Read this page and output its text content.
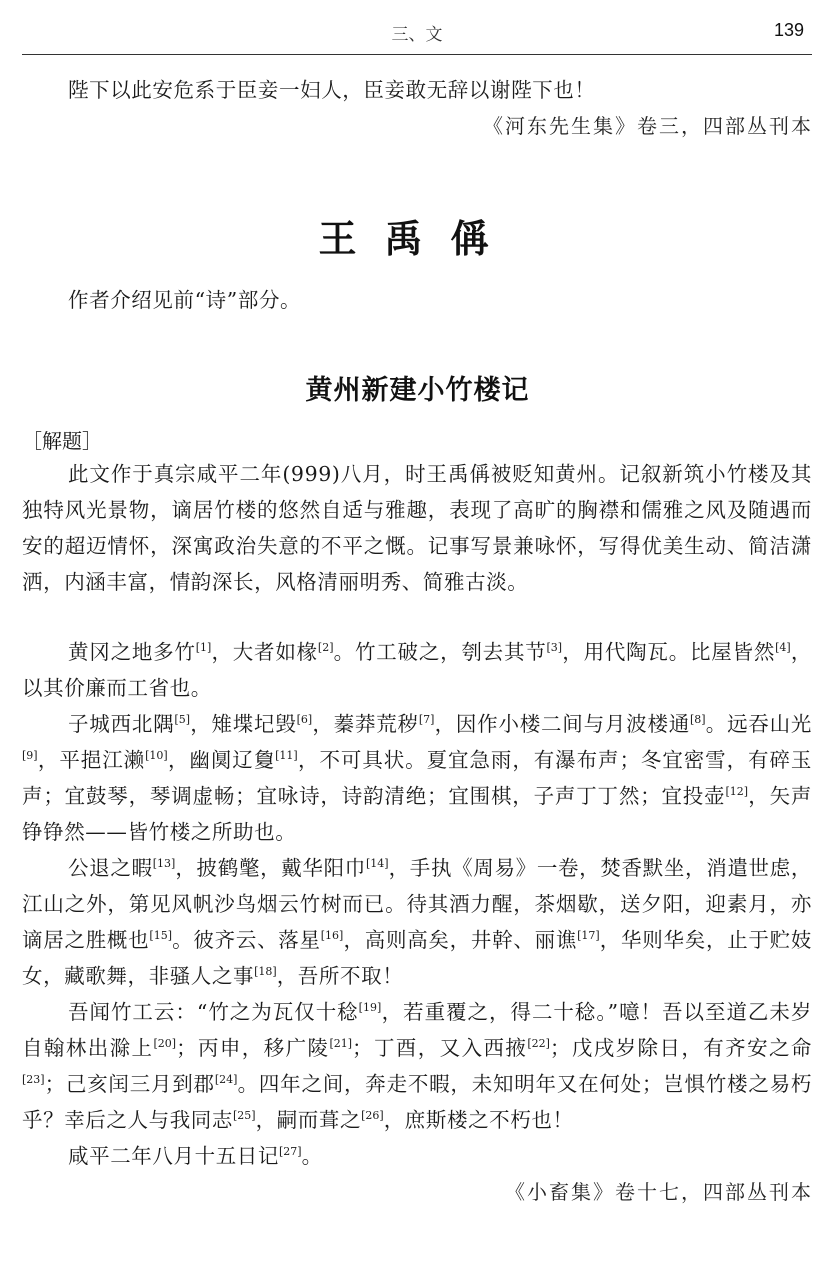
三、文	139

陛下以此安危系于臣妾一妇人，臣妾敢无辞以谢陛下也！

《河东先生集》卷三，四部丛刊本

王禹偁

作者介绍见前“诗”部分。

黄州新建小竹楼记

［解题］

此文作于真宗咸平二年(999)八月，时王禹偁被贬知黄州。记叙新筑小竹楼及其独特风光景物，谪居竹楼的悠然自适与雅趣，表现了高旷的胸襟和儒雅之风及随遇而安的超迈情怀，深寓政治失意的不平之慨。记事写景兼咏怀，写得优美生动、简洁潇洒，内涵丰富，情韵深长，风格清丽明秀、简雅古淡。

黄冈之地多竹[1]，大者如椽[2]。竹工破之，刳去其节[3]，用代陶瓦。比屋皆然[4]，以其价廉而工省也。

子城西北隅[5]，雉堞圮毁[6]，蓁莽荒秽[7]，因作小楼二间与月波楼通[8]。远吞山光[9]，平挹江濑[10]，幽阒辽敻[11]，不可具状。夏宜急雨，有瀑布声；冬宜密雪，有碎玉声；宜鼓琴，琴调虚畅；宜咏诗，诗韵清绝；宜围棋，子声丁丁然；宜投壶[12]，矢声铮铮然——皆竹楼之所助也。

公退之暇[13]，披鹤氅，戴华阳巾[14]，手执《周易》一卷，焚香默坐，消遣世虑，江山之外，第见风帆沙鸟烟云竹树而已。待其酒力醒，茶烟歇，送夕阳，迎素月，亦谪居之胜概也[15]。彼齐云、落星[16]，高则高矣，井幹、丽谯[17]，华则华矣，止于贮妓女，藏歌舞，非骚人之事[18]，吾所不取！

吾闻竹工云：“竹之为瓦仅十稔[19]，若重覆之，得二十稔。”噫！吾以至道乙未岁自翰林出滁上[20]；丙申，移广陵[21]；丁酉，又入西掖[22]；戊戌岁除日，有齐安之命[23]；己亥闰三月到郡[24]。四年之间，奔走不暇，未知明年又在何处；岂惧竹楼之易朽乎？幸后之人与我同志[25]，嗣而葺之[26]，庶斯楼之不朽也！

咸平二年八月十五日记[27]。

《小畜集》卷十七，四部丛刊本
